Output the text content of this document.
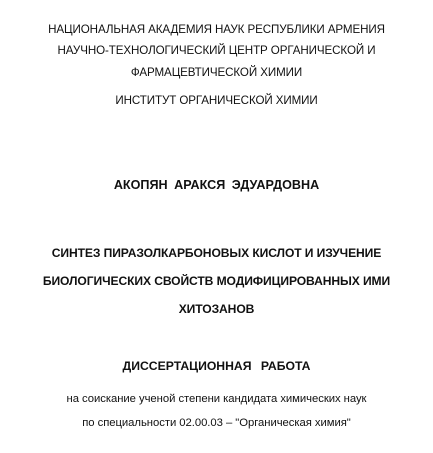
НАЦИОНАЛЬНАЯ АКАДЕМИЯ НАУК РЕСПУБЛИКИ АРМЕНИЯ
НАУЧНО-ТЕХНОЛОГИЧЕСКИЙ ЦЕНТР ОРГАНИЧЕСКОЙ И
ФАРМАЦЕВТИЧЕСКОЙ ХИМИИ
ИНСТИТУТ ОРГАНИЧЕСКОЙ ХИМИИ
АКОПЯН АРАКСЯ ЭДУАРДОВНА
СИНТЕЗ ПИРАЗОЛКАРБОНОВЫХ КИСЛОТ И ИЗУЧЕНИЕ
БИОЛОГИЧЕСКИХ СВОЙСТВ МОДИФИЦИРОВАННЫХ ИМИ
ХИТОЗАНОВ
ДИССЕРТАЦИОННАЯ РАБОТА
на соискание ученой степени кандидата химических наук
по специальности 02.00.03 – "Органическая химия"
